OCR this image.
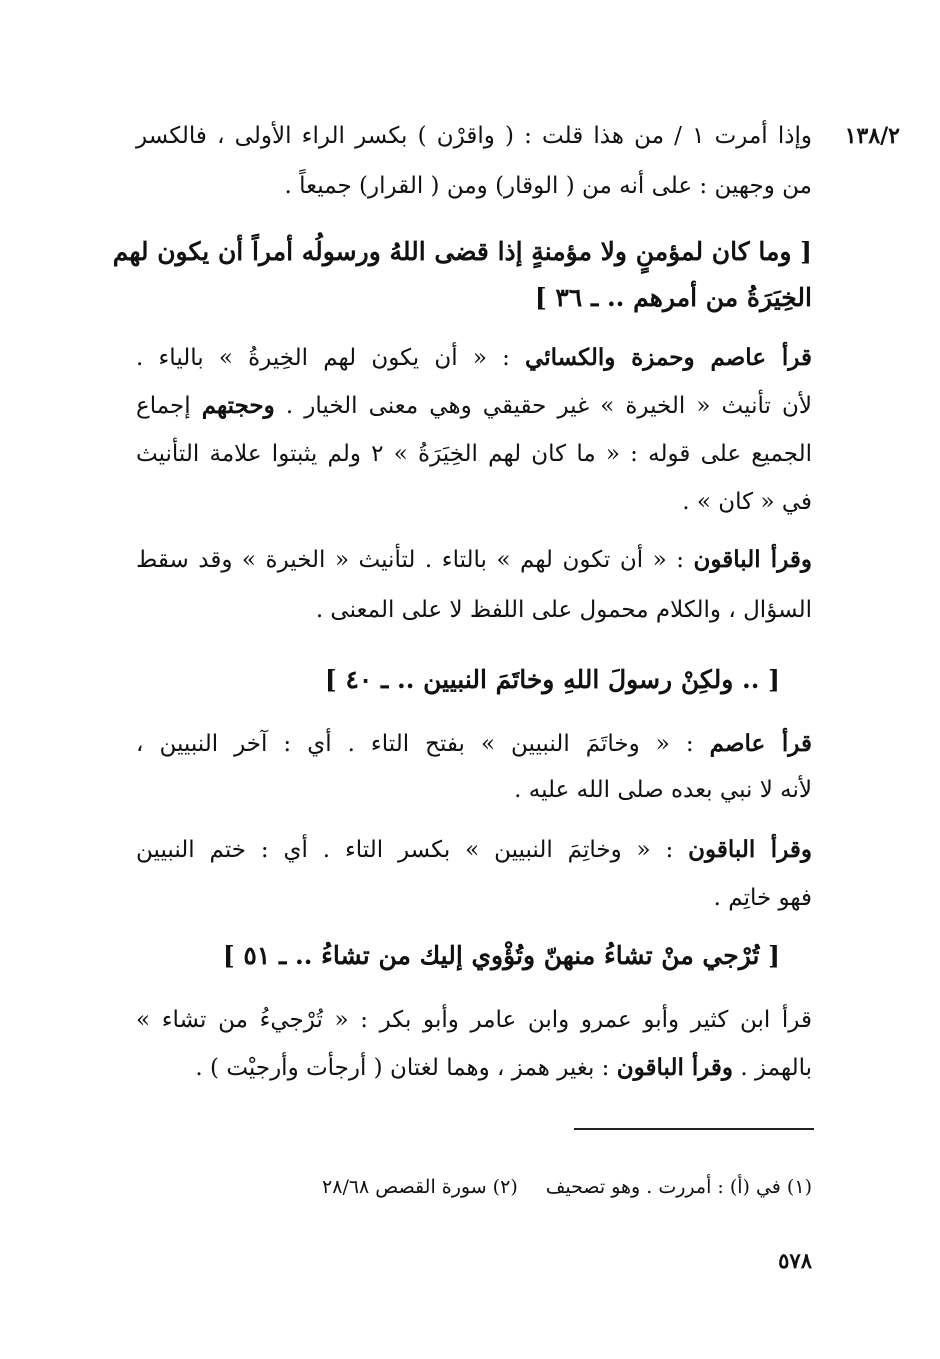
١٣٨/٢
وإذا أمرت ١ / من هذا قلت : ( واقرْن ) بكسر الراء الأولى ، فالكسر
من وجهين : على أنه من ( الوقار) ومن ( القرار) جميعاً .
[ وما كان لمؤمنٍ ولا مؤمنةٍ إذا قضى اللهُ ورسولُه أمراً أن يكون لهم
الخِيَرَةُ من أمرهم .. ـ ٣٦ ]
قرأ عاصم وحمزة والكسائي : « أن يكون لهم الخِيرةُ » بالياء .
لأن تأنيث « الخيرة » غير حقيقي وهي معنى الخيار . وحجتهم إجماع
الجميع على قوله : « ما كان لهم الخِيَرَةُ » ٢ ولم يثبتوا علامة التأنيث
في « كان » .
وقرأ الباقون : « أن تكون لهم » بالتاء . لتأنيث « الخيرة » وقد سقط
السؤال ، والكلام محمول على اللفظ لا على المعنى .
[ .. ولكِنْ رسولَ اللهِ وخاتَمَ النبيين .. ـ ٤٠ ]
قرأ عاصم : « وخاتَمَ النبيين » بفتح التاء . أي : آخر النبيين ،
لأنه لا نبي بعده صلى الله عليه .
وقرأ الباقون : « وخاتِمَ النبيين » بكسر التاء . أي : ختم النبيين
فهو خاتِم .
[ تُرْجي منْ تشاءُ منهنّ وتُؤْوي إليك من تشاءُ .. ـ ٥١ ]
قرأ ابن كثير وأبو عمرو وابن عامر وأبو بكر : « تُرْجيءُ من تشاء »
بالهمز . وقرأ الباقون : بغير همز ، وهما لغتان ( أرجأت وأرجيْت ) .
(١) في (أ) : أمررت . وهو تصحيف(٢) سورة القصص ٢٨/٦٨
٥٧٨
